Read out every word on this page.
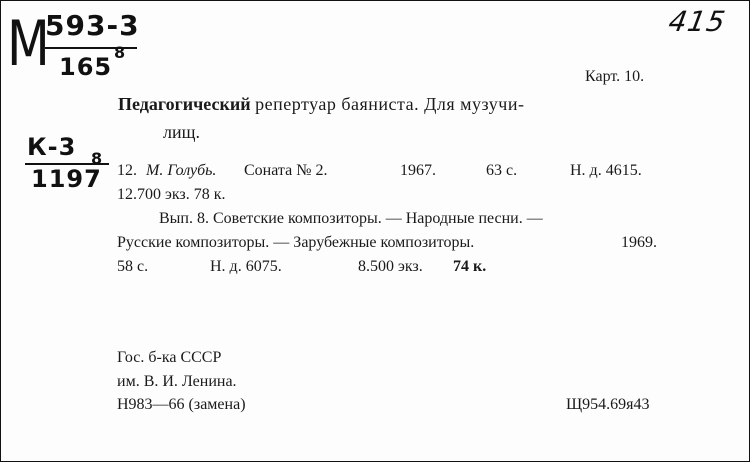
М
593-3
165
8
415
К-3
1197
8
Карт. 10.
Педагогический репертуар баяниста. Для музучи-
лищ.
12. М. Голубь. Соната № 2.	1967.	63 с.	Н. д. 4615.
12.700 экз. 78 к.
Вып. 8. Советские композиторы. — Народные песни. —
Русские композиторы. — Зарубежные композиторы.	1969.
58 с.	Н. д. 6075.	8.500 экз. 74 к.
Гос. б-ка СССР
им. В. И. Ленина.
Н983—66 (замена)	Щ954.69я43
